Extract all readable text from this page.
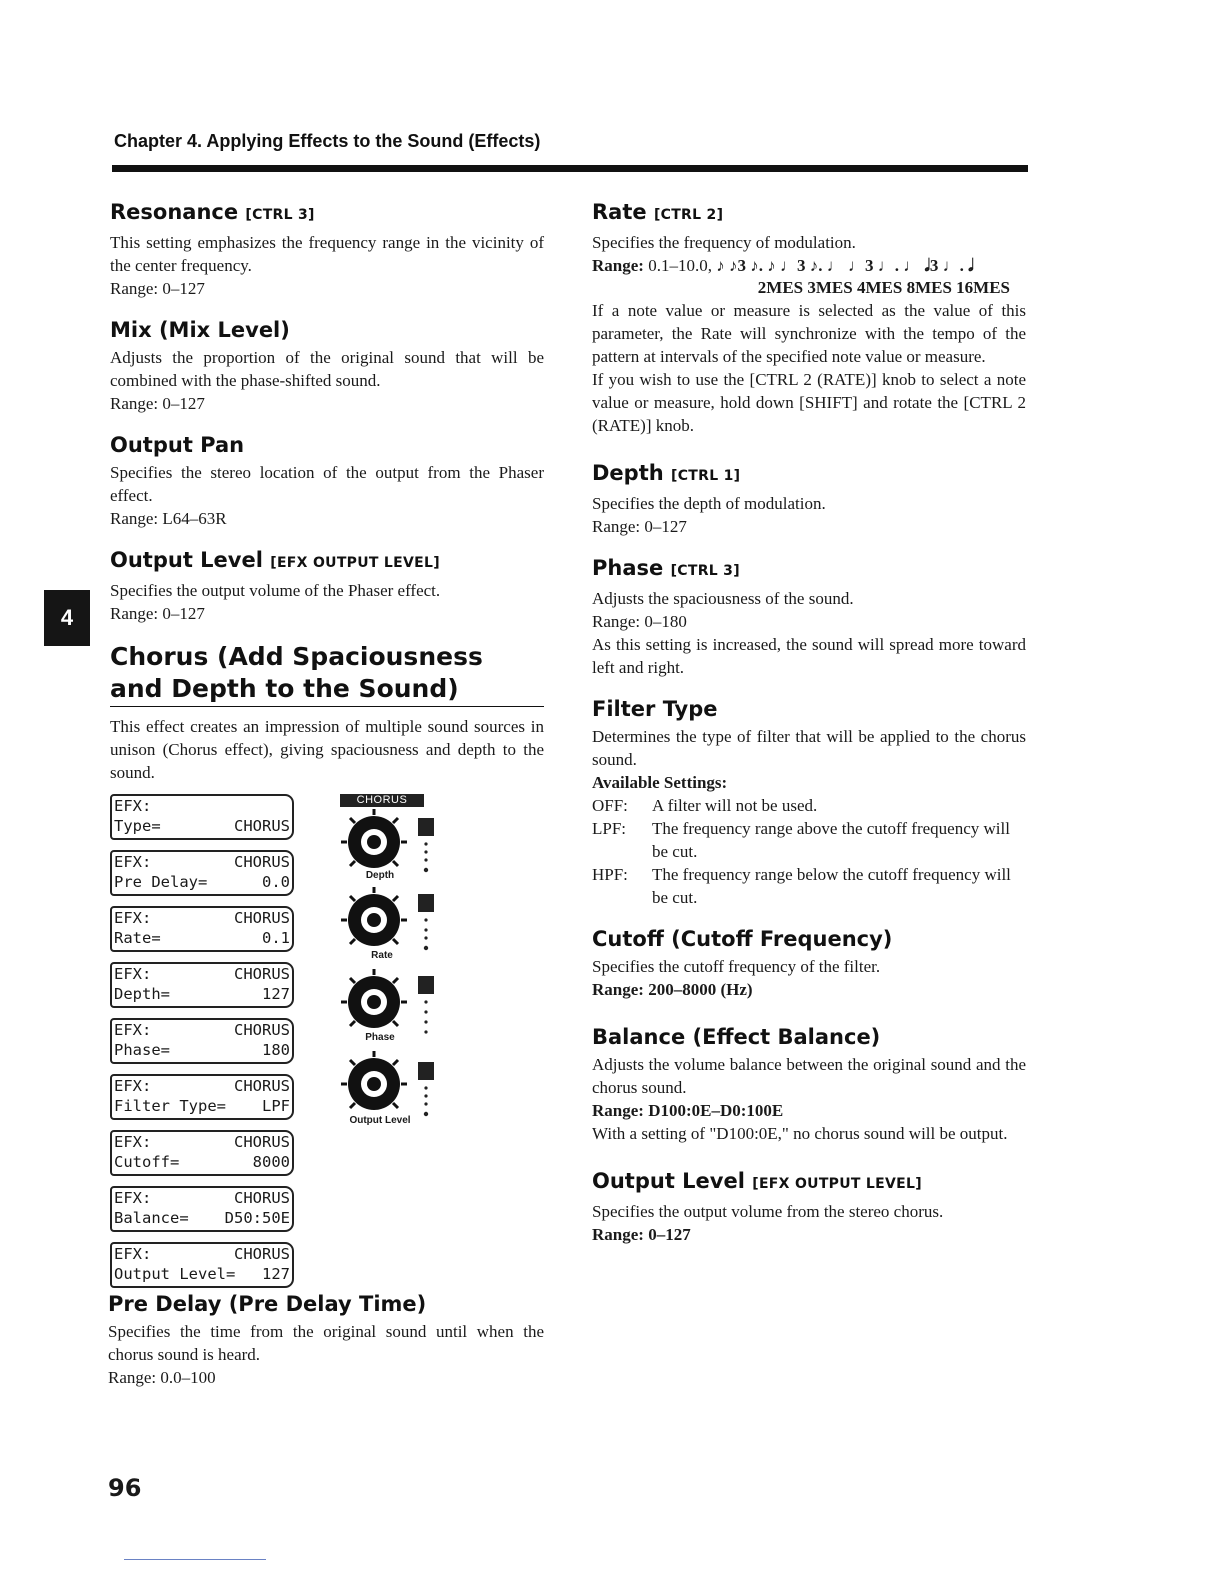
Chapter 4. Applying Effects to the Sound (Effects)
4
Resonance [CTRL 3]

This setting emphasizes the frequency range in the vicinity of the center frequency.

Range: 0–127
Mix (Mix Level)

Adjusts the proportion of the original sound that will be combined with the phase-shifted sound.

Range: 0–127
Output Pan

Specifies the stereo location of the output from the Phaser effect.

Range: L64–63R
Output Level [EFX OUTPUT LEVEL]

Specifies the output volume of the Phaser effect.

Range: 0–127
Chorus (Add Spaciousness and Depth to the Sound)

This effect creates an impression of multiple sound sources in unison (Chorus effect), giving spaciousness and depth to the sound.

EFX:
Type=	CHORUS
EFX:	CHORUS
Pre Delay=	0.0
EFX:	CHORUS
Rate=	0.1
EFX:	CHORUS
Depth=	127
EFX:	CHORUS
Phase=	180
EFX:	CHORUS
Filter Type= LPF
EFX:	CHORUS
Cutoff=	8000
EFX:	CHORUS
Balance= D50:50E
EFX:	CHORUS
Output Level= 127
CHORUS
Depth
Rate
Phase
Output Level
Pre Delay (Pre Delay Time)

Specifies the time from the original sound until when the chorus sound is heard.

Range: 0.0–100
Rate [CTRL 2]

Specifies the frequency of modulation.

Range: 0.1–10.0, ♪ ♪3 ♪. ♪ ♩3 ♪. ♩ ♩3 ♩. ♩ 𝅗𝅥3 ♩. 𝅗𝅥
2MES 3MES 4MES 8MES 16MES

If a note value or measure is selected as the value of this parameter, the Rate will synchronize with the tempo of the pattern at intervals of the specified note value or measure.

If you wish to use the [CTRL 2 (RATE)] knob to select a note value or measure, hold down [SHIFT] and rotate the [CTRL 2 (RATE)] knob.

Depth [CTRL 1]

Specifies the depth of modulation.

Range: 0–127
Phase [CTRL 3]

Adjusts the spaciousness of the sound.

Range: 0–180

As this setting is increased, the sound will spread more toward left and right.

Filter Type

Determines the type of filter that will be applied to the chorus sound.

Available Settings:
OFF:	A filter will not be used.
LPF:	The frequency range above the cutoff frequency will be cut.
HPF:	The frequency range below the cutoff frequency will be cut.
Cutoff (Cutoff Frequency)

Specifies the cutoff frequency of the filter.

Range: 200–8000 (Hz)
Balance (Effect Balance)

Adjusts the volume balance between the original sound and the chorus sound.

Range: D100:0E–D0:100E

With a setting of "D100:0E," no chorus sound will be output.

Output Level [EFX OUTPUT LEVEL]

Specifies the output volume from the stereo chorus.

Range: 0–127
96
